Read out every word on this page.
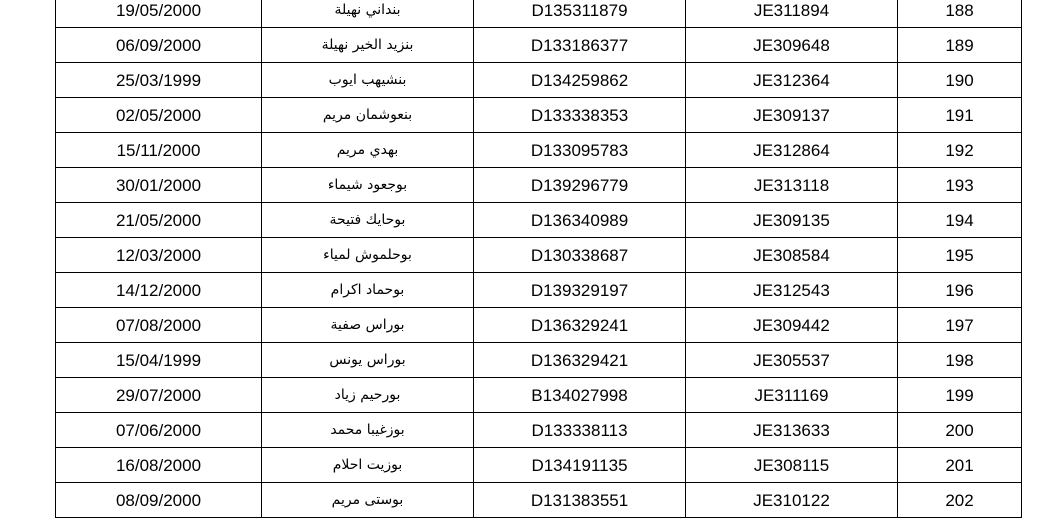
19/05/2000	بنداني نهيلة	D135311879	JE311894	188
06/09/2000	بنزيد الخير نهيلة	D133186377	JE309648	189
25/03/1999	بنشيهب ايوب	D134259862	JE312364	190
02/05/2000	بنعوشمان مريم	D133338353	JE309137	191
15/11/2000	بهدي مريم	D133095783	JE312864	192
30/01/2000	بوجعود شيماء	D139296779	JE313118	193
21/05/2000	بوحايك فتيحة	D136340989	JE309135	194
12/03/2000	بوحلموش لمياء	D130338687	JE308584	195
14/12/2000	بوحماد اكرام	D139329197	JE312543	196
07/08/2000	بوراس صفية	D136329241	JE309442	197
15/04/1999	بوراس يونس	D136329421	JE305537	198
29/07/2000	بورحيم زياد	B134027998	JE311169	199
07/06/2000	بوزغيبا محمد	D133338113	JE313633	200
16/08/2000	بوزيت احلام	D134191135	JE308115	201
08/09/2000	بوستى مريم	D131383551	JE310122	202
